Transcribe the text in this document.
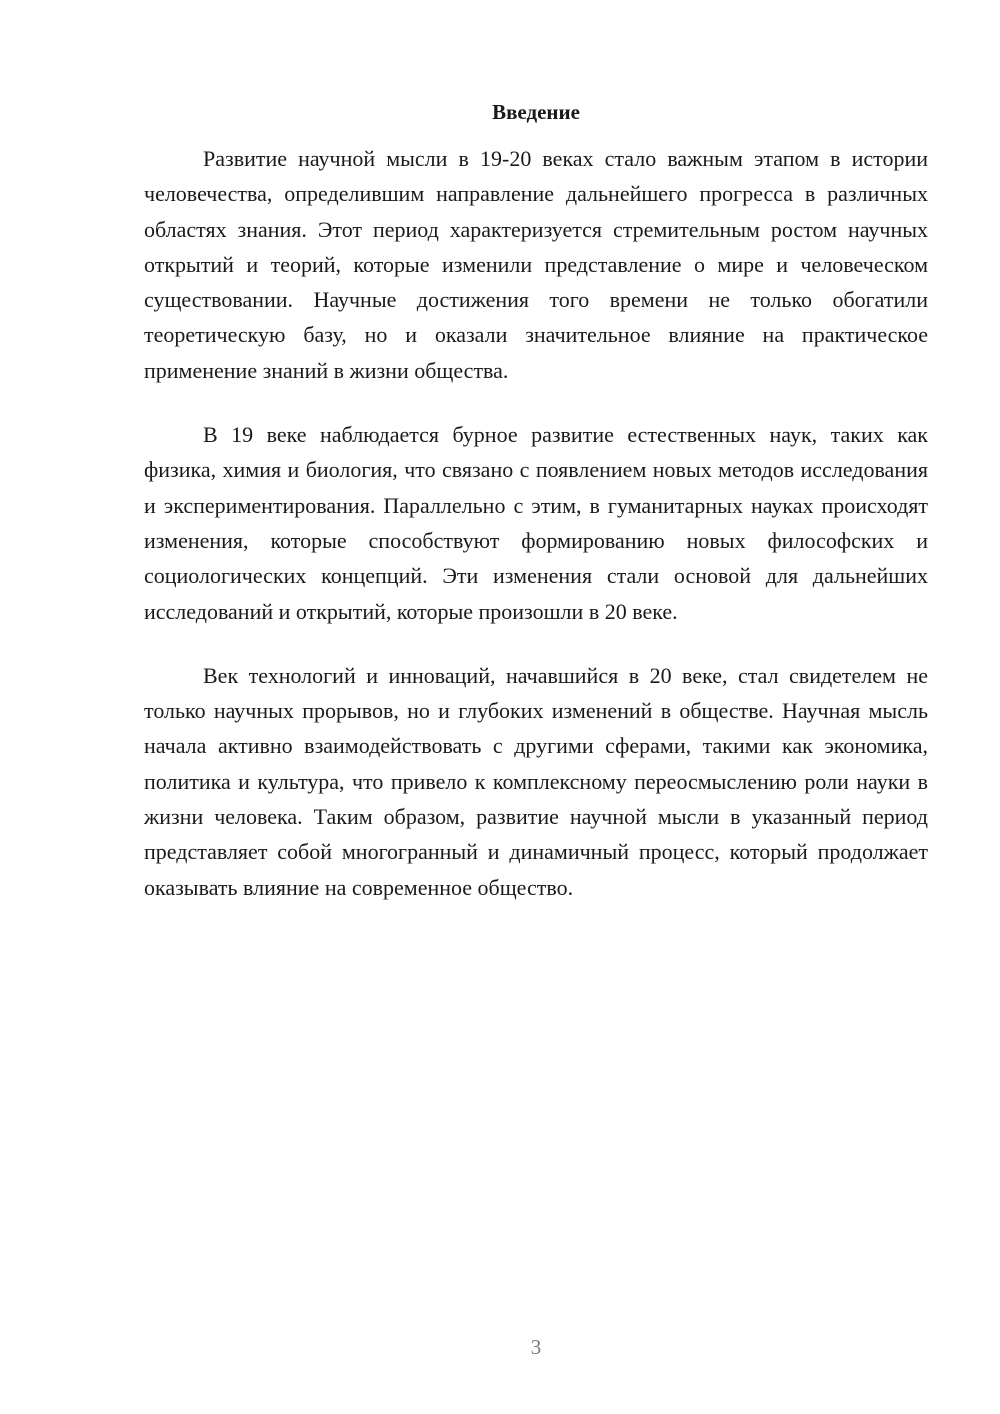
Введение

Развитие научной мысли в 19-20 веках стало важным этапом в истории человечества, определившим направление дальнейшего прогресса в различных областях знания. Этот период характеризуется стремительным ростом научных открытий и теорий, которые изменили представление о мире и человеческом существовании. Научные достижения того времени не только обогатили теоретическую базу, но и оказали значительное влияние на практическое применение знаний в жизни общества.

В 19 веке наблюдается бурное развитие естественных наук, таких как физика, химия и биология, что связано с появлением новых методов исследования и экспериментирования. Параллельно с этим, в гуманитарных науках происходят изменения, которые способствуют формированию новых философских и социологических концепций. Эти изменения стали основой для дальнейших исследований и открытий, которые произошли в 20 веке.

Век технологий и инноваций, начавшийся в 20 веке, стал свидетелем не только научных прорывов, но и глубоких изменений в обществе. Научная мысль начала активно взаимодействовать с другими сферами, такими как экономика, политика и культура, что привело к комплексному переосмыслению роли науки в жизни человека. Таким образом, развитие научной мысли в указанный период представляет собой многогранный и динамичный процесс, который продолжает оказывать влияние на современное общество.

3
